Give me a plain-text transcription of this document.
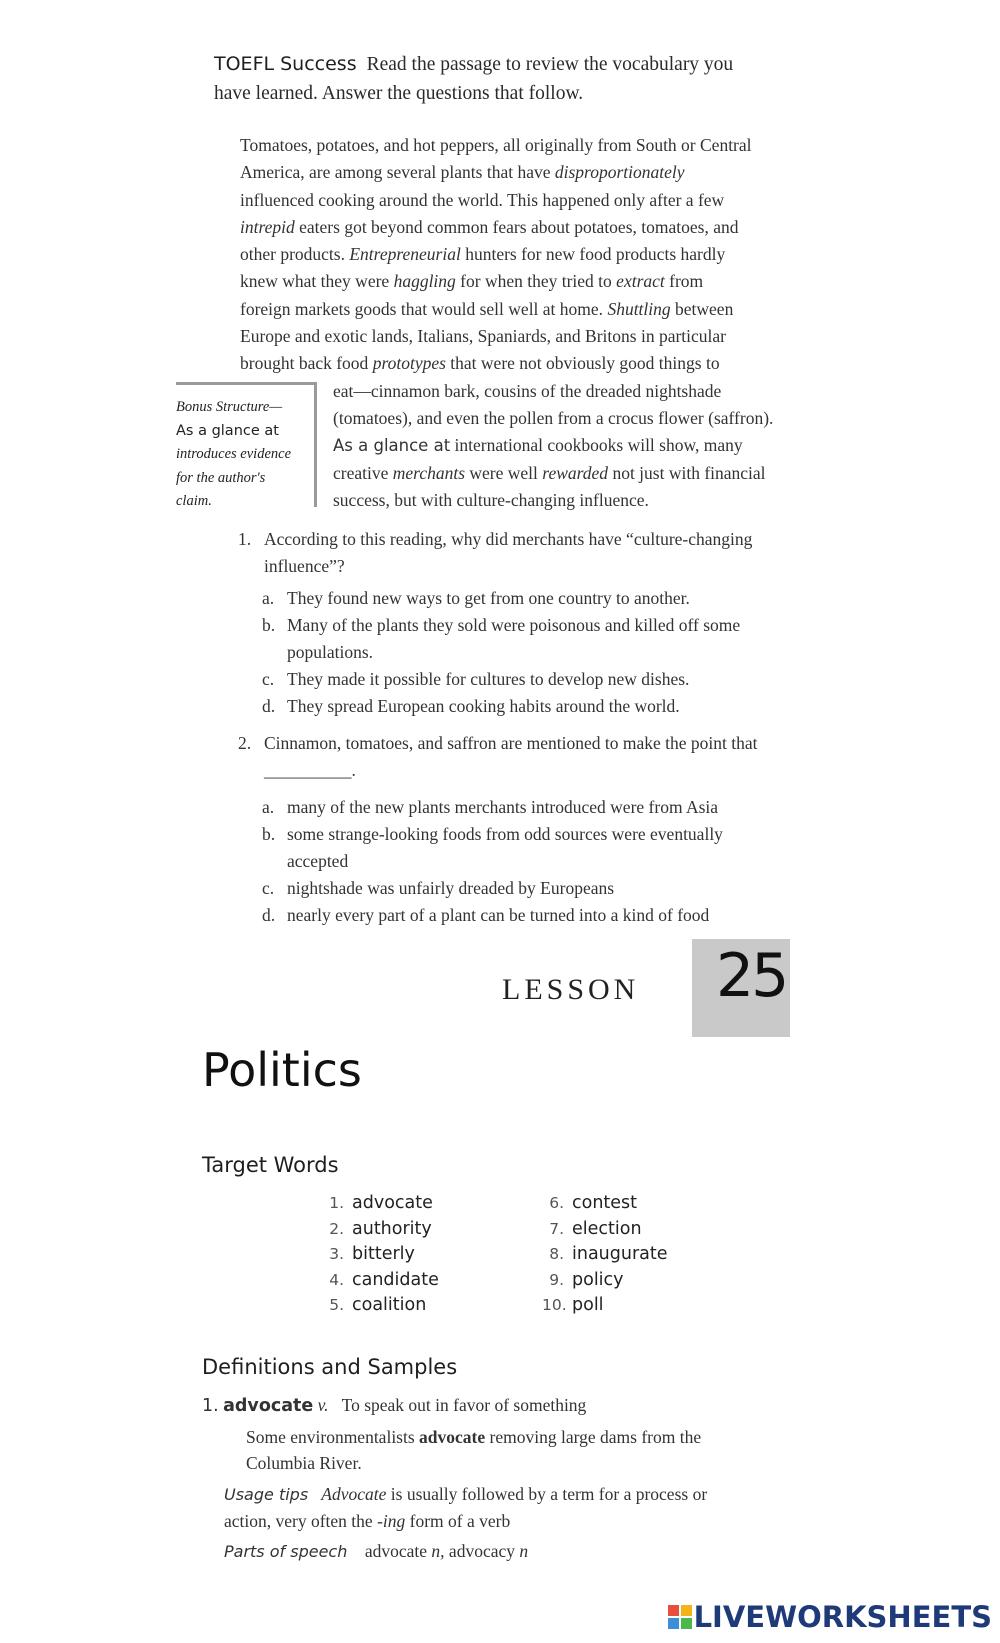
TOEFL Success Read the passage to review the vocabulary you
have learned. Answer the questions that follow.
Tomatoes, potatoes, and hot peppers, all originally from South or Central
America, are among several plants that have disproportionately
influenced cooking around the world. This happened only after a few
intrepid eaters got beyond common fears about potatoes, tomatoes, and
other products. Entrepreneurial hunters for new food products hardly
knew what they were haggling for when they tried to extract from
foreign markets goods that would sell well at home. Shuttling between
Europe and exotic lands, Italians, Spaniards, and Britons in particular
brought back food prototypes that were not obviously good things to
eat—cinnamon bark, cousins of the dreaded nightshade
(tomatoes), and even the pollen from a crocus flower (saffron).
As a glance at international cookbooks will show, many
creative merchants were well rewarded not just with financial
success, but with culture-changing influence.
Bonus Structure—
As a glance at
introduces evidence
for the author's
claim.
1. According to this reading, why did merchants have “culture-changing
influence”?
a. They found new ways to get from one country to another.
b. Many of the plants they sold were poisonous and killed off some
populations.
c. They made it possible for cultures to develop new dishes.
d. They spread European cooking habits around the world.
2. Cinnamon, tomatoes, and saffron are mentioned to make the point that
__________.
a. many of the new plants merchants introduced were from Asia
b. some strange-looking foods from odd sources were eventually
accepted
c. nightshade was unfairly dreaded by Europeans
d. nearly every part of a plant can be turned into a kind of food
LESSON 25
Politics
Target Words
1. advocate
2. authority
3. bitterly
4. candidate
5. coalition
6. contest
7. election
8. inaugurate
9. policy
10. poll
Definitions and Samples
1. advocate v. To speak out in favor of something
Some environmentalists advocate removing large dams from the
Columbia River.
Usage tips Advocate is usually followed by a term for a process or
action, very often the -ing form of a verb
Parts of speech advocate n, advocacy n
LIVEWORKSHEETS
